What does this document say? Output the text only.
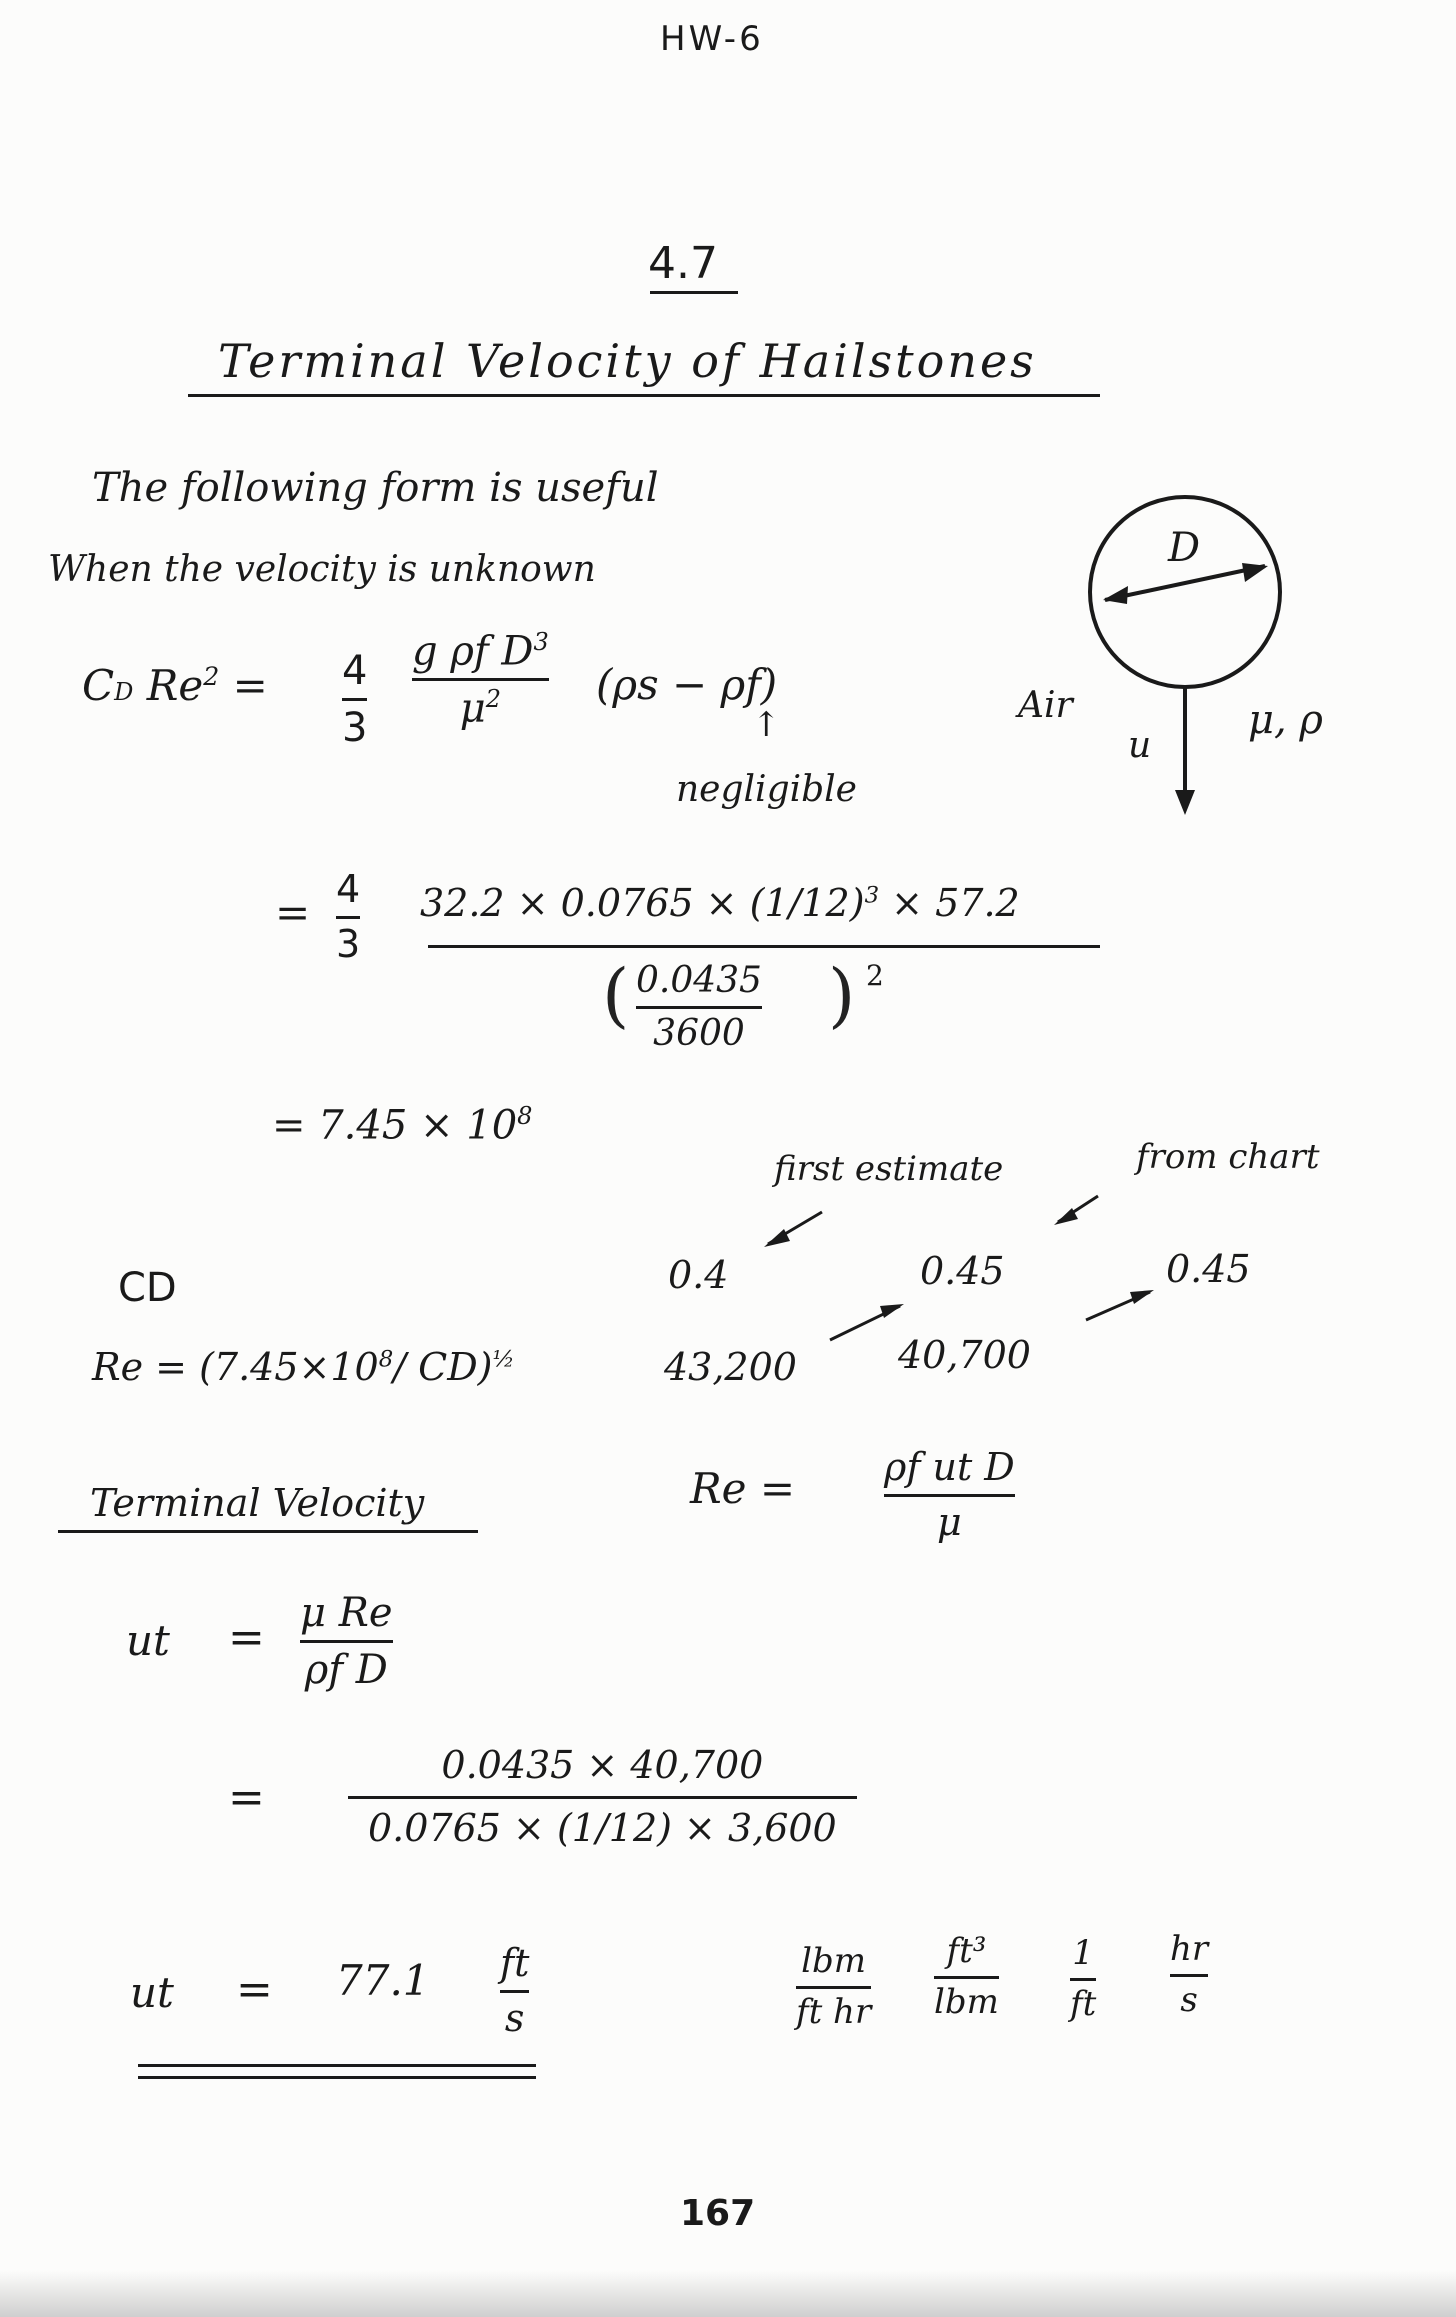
HW-6
4.7
Terminal Velocity of Hailstones
The following form is useful
When the velocity is unknown	D
Air
u
μ, ρ
CD $Re^2 = 4$
3
g ρf $D^3$
$\mu^2$ (ρs − ρf)
↑
negligible
= 4
3
$32.2 \times 0.0765 \times (1/12)^3 \times 57.2$
( 0.0435
3600 ) 2
= $7.45 \times 10^8$
first estimate	from chart
CD	0.4	0.45	0.45
$Re = (7.45\times 10^8/$ CD)$^{\frac{1}{2}}$	43,200	40,700
Terminal Velocity	Re = ρf ut D
μ
ut = μ Re
ρf D
=
0.0435 × 40,700
0.0765 × (1/12) × 3,600
ut = 77.1 ft
s
lbm
ft hr
ft³
lbm
1
ft
hr
s
167
